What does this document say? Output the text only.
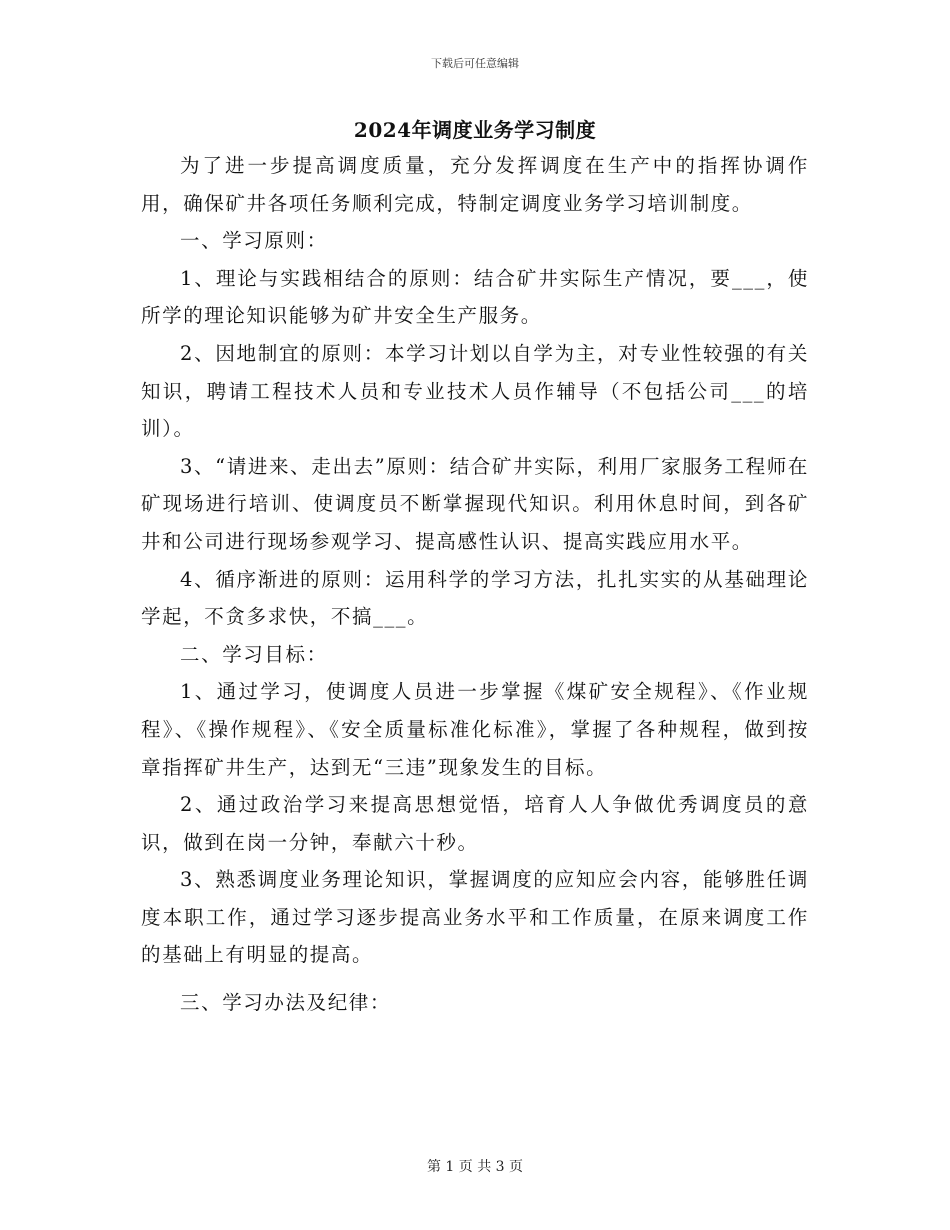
下载后可任意编辑
2024年调度业务学习制度

为了进一步提高调度质量，充分发挥调度在生产中的指挥协调作用，确保矿井各项任务顺利完成，特制定调度业务学习培训制度。

一、学习原则：

1、理论与实践相结合的原则：结合矿井实际生产情况，要___，使所学的理论知识能够为矿井安全生产服务。

2、因地制宜的原则：本学习计划以自学为主，对专业性较强的有关知识，聘请工程技术人员和专业技术人员作辅导（不包括公司___的培训）。

3、“请进来、走出去”原则：结合矿井实际，利用厂家服务工程师在矿现场进行培训、使调度员不断掌握现代知识。利用休息时间，到各矿井和公司进行现场参观学习、提高感性认识、提高实践应用水平。

4、循序渐进的原则：运用科学的学习方法，扎扎实实的从基础理论学起，不贪多求快，不搞___。

二、学习目标：

1、通过学习，使调度人员进一步掌握《煤矿安全规程》、《作业规程》、《操作规程》、《安全质量标准化标准》，掌握了各种规程，做到按章指挥矿井生产，达到无“三违”现象发生的目标。

2、通过政治学习来提高思想觉悟，培育人人争做优秀调度员的意识，做到在岗一分钟，奉献六十秒。

3、熟悉调度业务理论知识，掌握调度的应知应会内容，能够胜任调度本职工作，通过学习逐步提高业务水平和工作质量，在原来调度工作的基础上有明显的提高。

三、学习办法及纪律：

第 1 页 共 3 页
